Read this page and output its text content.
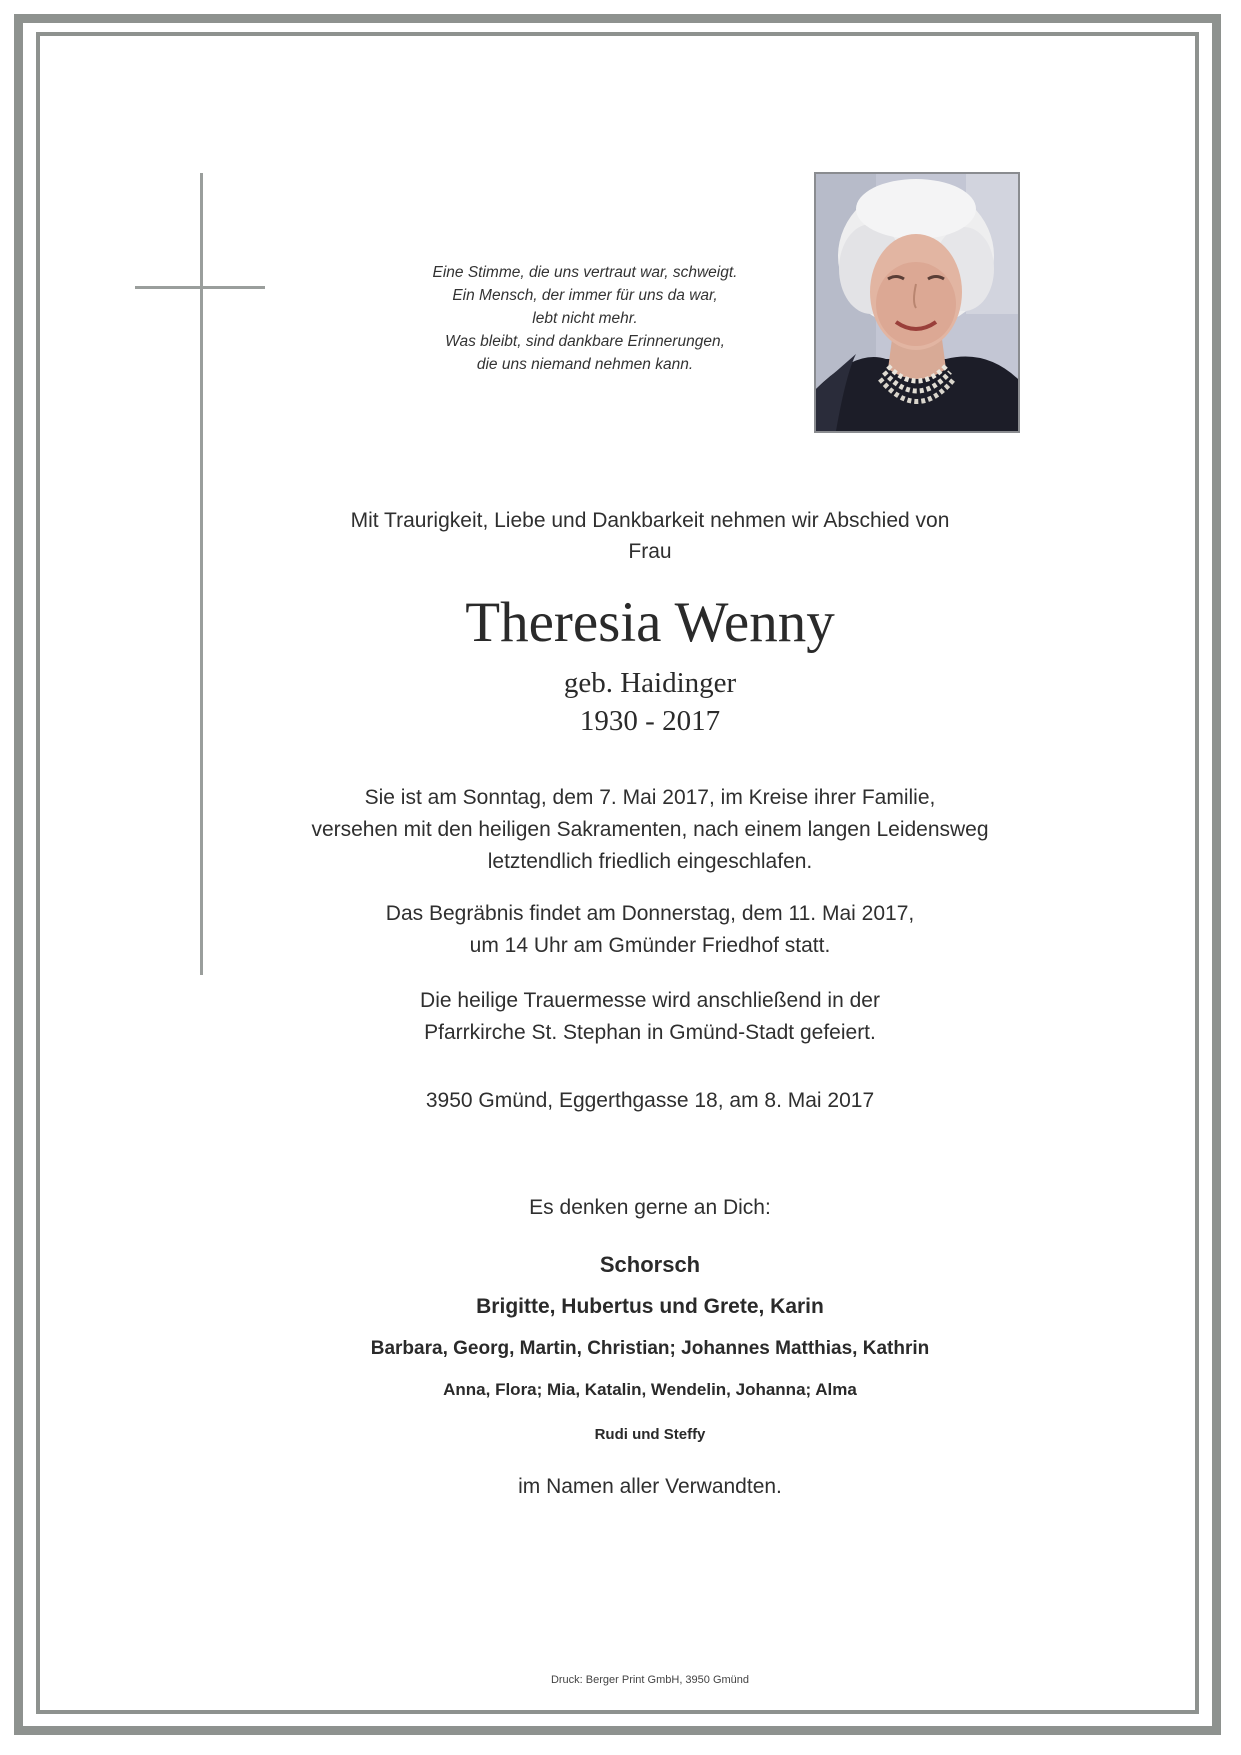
Eine Stimme, die uns vertraut war, schweigt.
Ein Mensch, der immer für uns da war,
lebt nicht mehr.
Was bleibt, sind dankbare Erinnerungen,
die uns niemand nehmen kann.
Mit Traurigkeit, Liebe und Dankbarkeit nehmen wir Abschied von
Frau
Theresia Wenny
geb. Haidinger
1930 - 2017
Sie ist am Sonntag, dem 7. Mai 2017, im Kreise ihrer Familie,
versehen mit den heiligen Sakramenten, nach einem langen Leidensweg
letztendlich friedlich eingeschlafen.
Das Begräbnis findet am Donnerstag, dem 11. Mai 2017,
um 14 Uhr am Gmünder Friedhof statt.
Die heilige Trauermesse wird anschließend in der
Pfarrkirche St. Stephan in Gmünd-Stadt gefeiert.
3950 Gmünd, Eggerthgasse 18, am 8. Mai 2017
Es denken gerne an Dich:
Schorsch
Brigitte, Hubertus und Grete, Karin
Barbara, Georg, Martin, Christian; Johannes Matthias, Kathrin
Anna, Flora; Mia, Katalin, Wendelin, Johanna; Alma
Rudi und Steffy
im Namen aller Verwandten.
Druck: Berger Print GmbH, 3950 Gmünd
